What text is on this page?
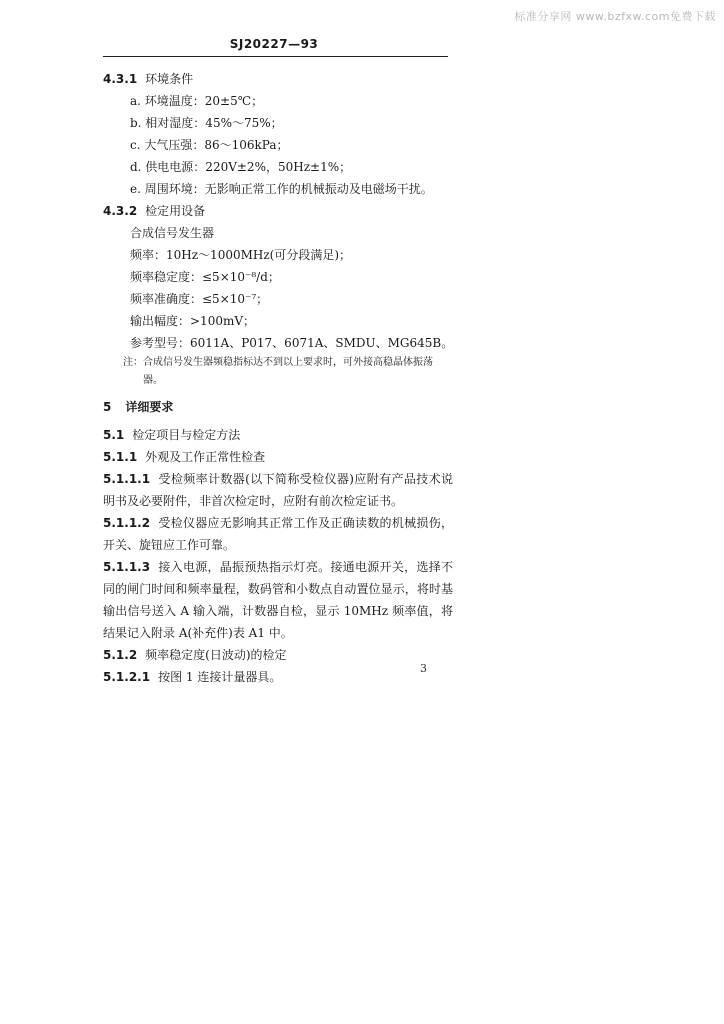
标准分享网 www.bzfxw.com免费下载
SJ20227—93
4.3.1 环境条件
a. 环境温度：20±5℃；
b. 相对湿度：45%～75%；
c. 大气压强：86～106kPa；
d. 供电电源：220V±2%，50Hz±1%；
e. 周围环境：无影响正常工作的机械振动及电磁场干扰。
4.3.2 检定用设备
合成信号发生器
频率：10Hz～1000MHz(可分段满足)；
频率稳定度：≤5×10⁻⁸/d；
频率准确度：≤5×10⁻⁷；
输出幅度：>100mV；
参考型号：6011A、P017、6071A、SMDU、MG645B。
注：合成信号发生器频稳指标达不到以上要求时，可外接高稳晶体振荡
器。
5 详细要求
5.1 检定项目与检定方法
5.1.1 外观及工作正常性检查
5.1.1.1 受检频率计数器(以下简称受检仪器)应附有产品技术说明书及必要附件，非首次检定时，应附有前次检定证书。
5.1.1.2 受检仪器应无影响其正常工作及正确读数的机械损伤，开关、旋钮应工作可靠。
5.1.1.3 接入电源，晶振预热指示灯亮。接通电源开关，选择不同的闸门时间和频率量程，数码管和小数点自动置位显示，将时基输出信号送入 A 输入端，计数器自检，显示 10MHz 频率值，将结果记入附录 A(补充件)表 A1 中。
5.1.2 频率稳定度(日波动)的检定
5.1.2.1 按图 1 连接计量器具。
3
